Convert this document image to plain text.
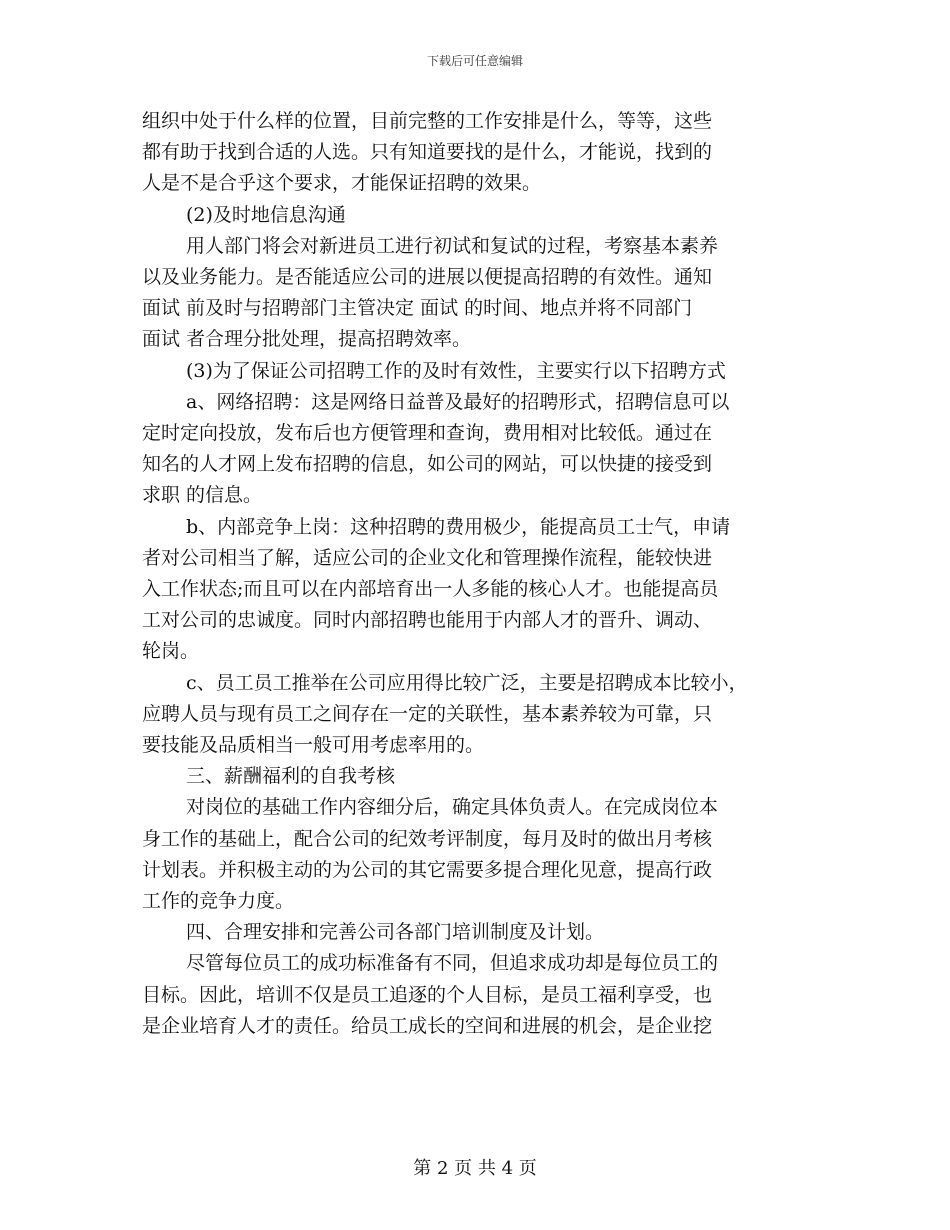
下载后可任意编辑

组织中处于什么样的位置，目前完整的工作安排是什么，等等，这些

都有助于找到合适的人选。只有知道要找的是什么，才能说，找到的

人是不是合乎这个要求，才能保证招聘的效果。

(2)及时地信息沟通

用人部门将会对新进员工进行初试和复试的过程，考察基本素养

以及业务能力。是否能适应公司的进展以便提高招聘的有效性。通知

面试 前及时与招聘部门主管决定 面试 的时间、地点并将不同部门

面试 者合理分批处理，提高招聘效率。

(3)为了保证公司招聘工作的及时有效性，主要实行以下招聘方式

a、网络招聘：这是网络日益普及最好的招聘形式，招聘信息可以

定时定向投放，发布后也方便管理和查询，费用相对比较低。通过在

知名的人才网上发布招聘的信息，如公司的网站，可以快捷的接受到

求职 的信息。

b、内部竞争上岗：这种招聘的费用极少，能提高员工士气，申请

者对公司相当了解，适应公司的企业文化和管理操作流程，能较快进

入工作状态;而且可以在内部培育出一人多能的核心人才。也能提高员

工对公司的忠诚度。同时内部招聘也能用于内部人才的晋升、调动、

轮岗。

c、员工员工推举在公司应用得比较广泛，主要是招聘成本比较小，

应聘人员与现有员工之间存在一定的关联性，基本素养较为可靠，只

要技能及品质相当一般可用考虑率用的。

三、薪酬福利的自我考核

对岗位的基础工作内容细分后，确定具体负责人。在完成岗位本

身工作的基础上，配合公司的纪效考评制度，每月及时的做出月考核

计划表。并积极主动的为公司的其它需要多提合理化见意，提高行政

工作的竞争力度。

四、合理安排和完善公司各部门培训制度及计划。

尽管每位员工的成功标准备有不同，但追求成功却是每位员工的

目标。因此，培训不仅是员工追逐的个人目标，是员工福利享受，也

是企业培育人才的责任。给员工成长的空间和进展的机会，是企业挖

第 2 页 共 4 页
